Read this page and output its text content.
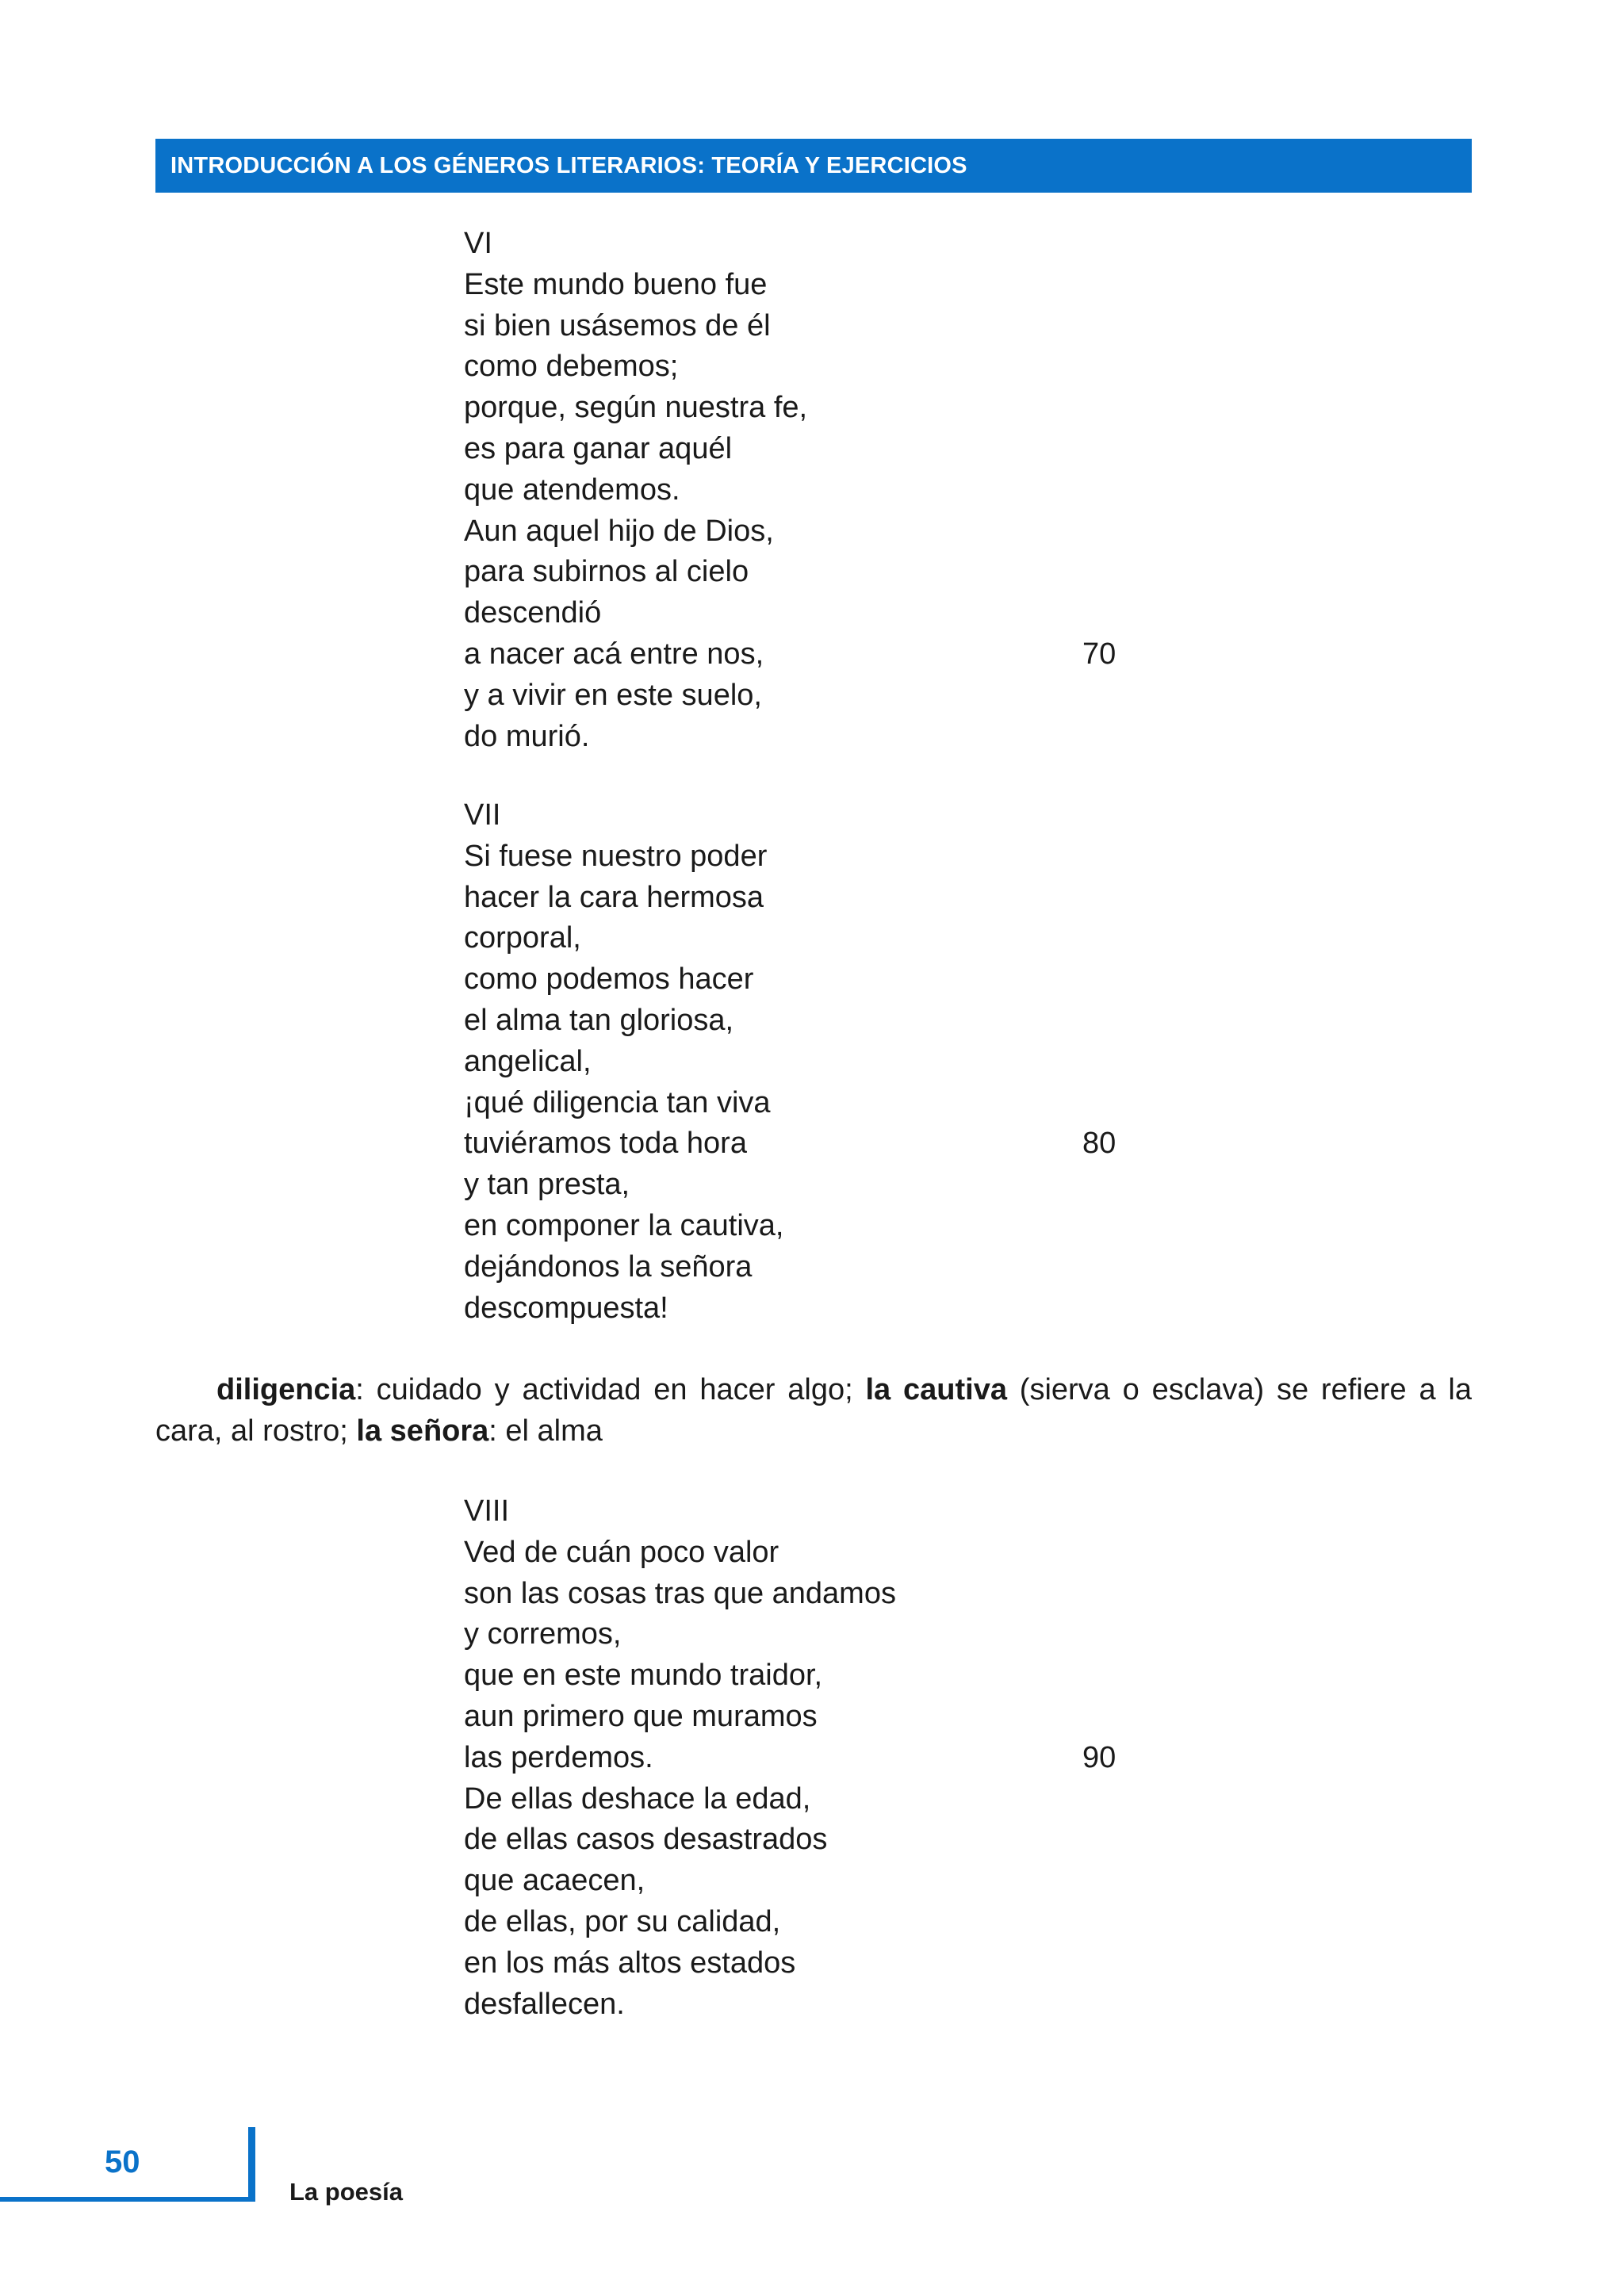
INTRODUCCIÓN A LOS GÉNEROS LITERARIOS: TEORÍA Y EJERCICIOS
VI
Este mundo bueno fue
si bien usásemos de él
como debemos;
porque, según nuestra fe,
es para ganar aquél
que atendemos.
Aun aquel hijo de Dios,
para subirnos al cielo
descendió
a nacer acá entre nos,	70
y a vivir en este suelo,
do murió.
VII
Si fuese nuestro poder
hacer la cara hermosa
corporal,
como podemos hacer
el alma tan gloriosa,
angelical,
¡qué diligencia tan viva
tuviéramos toda hora	80
y tan presta,
en componer la cautiva,
dejándonos la señora
descompuesta!

diligencia: cuidado y actividad en hacer algo; la cautiva (sierva o esclava) se refiere a la cara, al rostro; la señora: el alma

VIII
Ved de cuán poco valor
son las cosas tras que andamos
y corremos,
que en este mundo traidor,
aun primero que muramos
las perdemos.	90
De ellas deshace la edad,
de ellas casos desastrados
que acaecen,
de ellas, por su calidad,
en los más altos estados
desfallecen.
50
La poesía
